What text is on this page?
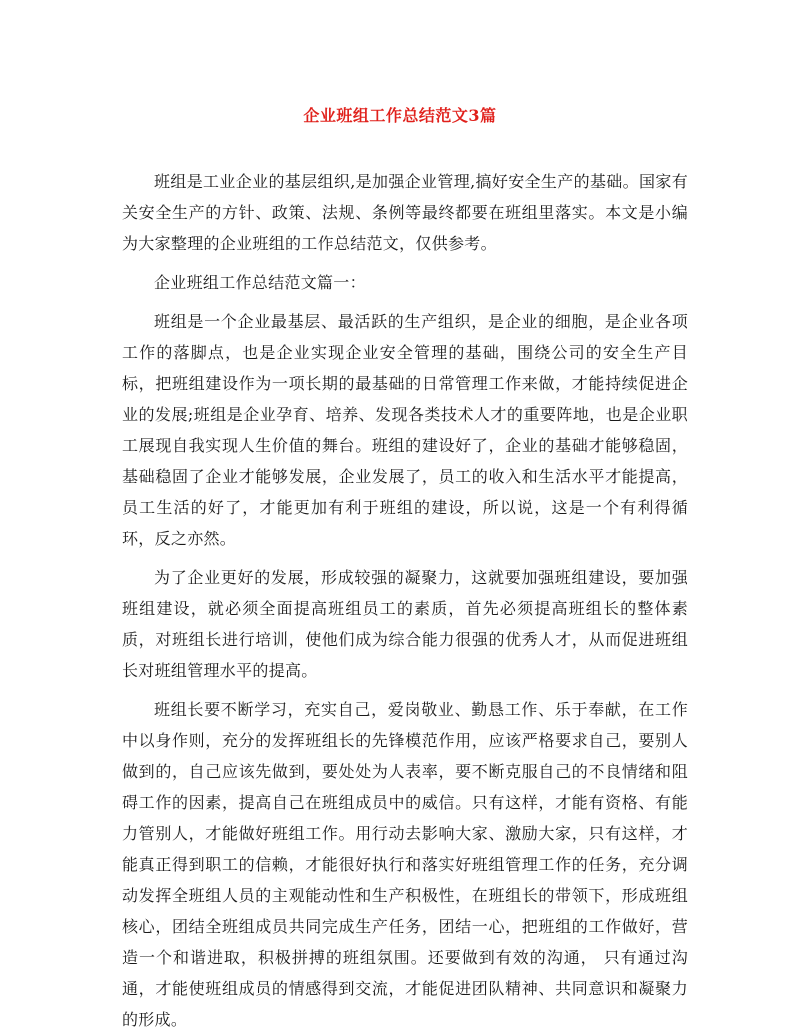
企业班组工作总结范文3篇

班组是工业企业的基层组织,是加强企业管理,搞好安全生产的基础。国家有关安全生产的方针、政策、法规、条例等最终都要在班组里落实。本文是小编为大家整理的企业班组的工作总结范文，仅供参考。

企业班组工作总结范文篇一：

班组是一个企业最基层、最活跃的生产组织，是企业的细胞，是企业各项工作的落脚点，也是企业实现企业安全管理的基础，围绕公司的安全生产目标，把班组建设作为一项长期的最基础的日常管理工作来做，才能持续促进企业的发展;班组是企业孕育、培养、发现各类技术人才的重要阵地，也是企业职工展现自我实现人生价值的舞台。班组的建设好了，企业的基础才能够稳固，基础稳固了企业才能够发展，企业发展了，员工的收入和生活水平才能提高，员工生活的好了，才能更加有利于班组的建设，所以说，这是一个有利得循环，反之亦然。

为了企业更好的发展，形成较强的凝聚力，这就要加强班组建设，要加强班组建设，就必须全面提高班组员工的素质，首先必须提高班组长的整体素质，对班组长进行培训，使他们成为综合能力很强的优秀人才，从而促进班组长对班组管理水平的提高。

班组长要不断学习，充实自己，爱岗敬业、勤恳工作、乐于奉献，在工作中以身作则，充分的发挥班组长的先锋模范作用，应该严格要求自己，要别人做到的，自己应该先做到，要处处为人表率，要不断克服自己的不良情绪和阻碍工作的因素，提高自己在班组成员中的威信。只有这样，才能有资格、有能力管别人，才能做好班组工作。用行动去影响大家、激励大家，只有这样，才能真正得到职工的信赖，才能很好执行和落实好班组管理工作的任务，充分调动发挥全班组人员的主观能动性和生产积极性，在班组长的带领下，形成班组核心，团结全班组成员共同完成生产任务，团结一心，把班组的工作做好，营造一个和谐进取，积极拼搏的班组氛围。还要做到有效的沟通， 只有通过沟通，才能使班组成员的情感得到交流，才能促进团队精神、共同意识和凝聚力的形成。
